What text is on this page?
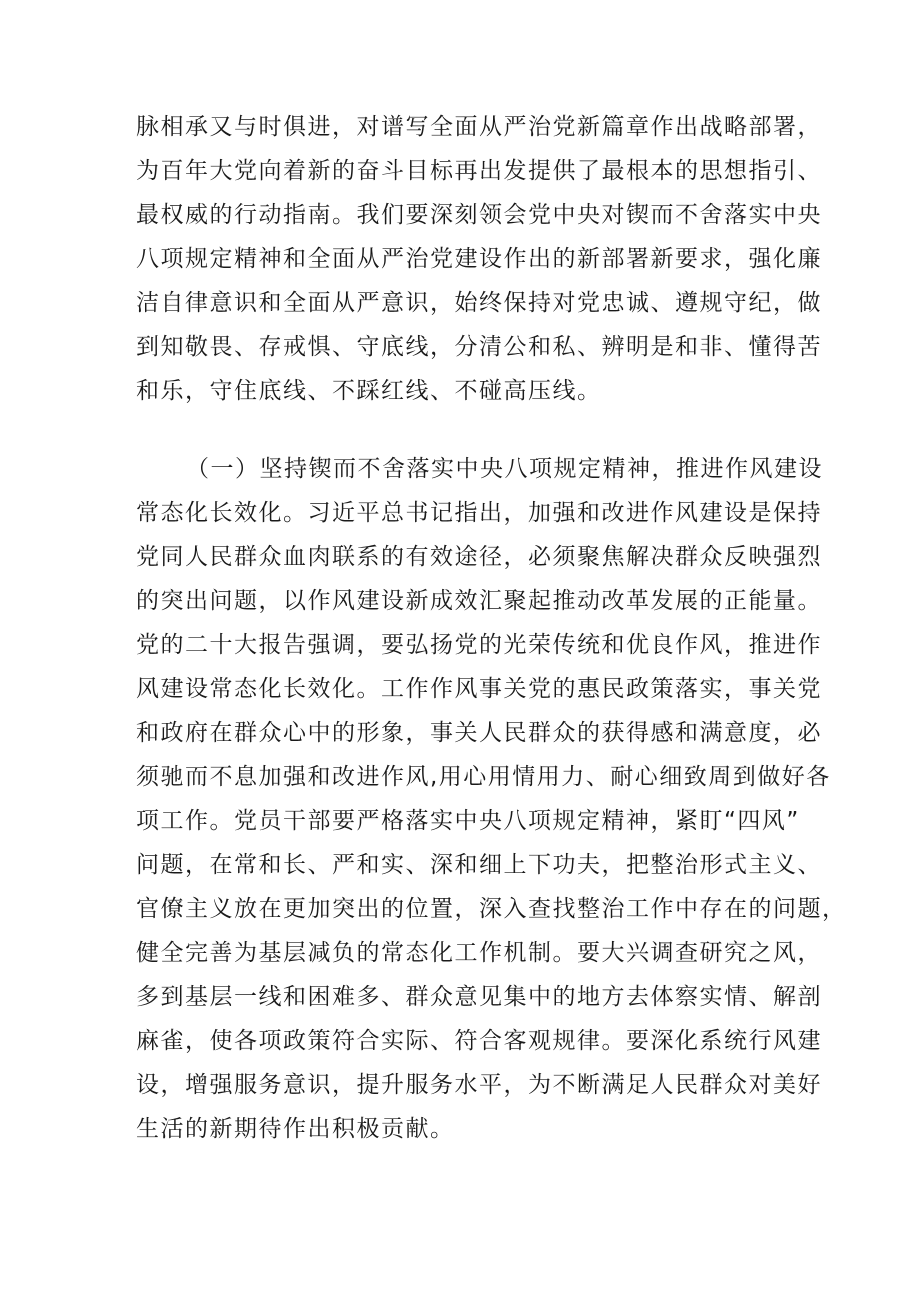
脉相承又与时俱进，对谱写全面从严治党新篇章作出战略部署，
为百年大党向着新的奋斗目标再出发提供了最根本的思想指引、
最权威的行动指南。我们要深刻领会党中央对锲而不舍落实中央
八项规定精神和全面从严治党建设作出的新部署新要求，强化廉
洁自律意识和全面从严意识，始终保持对党忠诚、遵规守纪，做
到知敬畏、存戒惧、守底线，分清公和私、辨明是和非、懂得苦
和乐，守住底线、不踩红线、不碰高压线。
（一）坚持锲而不舍落实中央八项规定精神，推进作风建设
常态化长效化。习近平总书记指出，加强和改进作风建设是保持
党同人民群众血肉联系的有效途径，必须聚焦解决群众反映强烈
的突出问题，以作风建设新成效汇聚起推动改革发展的正能量。
党的二十大报告强调，要弘扬党的光荣传统和优良作风，推进作
风建设常态化长效化。工作作风事关党的惠民政策落实，事关党
和政府在群众心中的形象，事关人民群众的获得感和满意度，必
须驰而不息加强和改进作风,用心用情用力、耐心细致周到做好各
项工作。党员干部要严格落实中央八项规定精神，紧盯“四风”
问题，在常和长、严和实、深和细上下功夫，把整治形式主义、
官僚主义放在更加突出的位置，深入查找整治工作中存在的问题，
健全完善为基层减负的常态化工作机制。要大兴调查研究之风，
多到基层一线和困难多、群众意见集中的地方去体察实情、解剖
麻雀，使各项政策符合实际、符合客观规律。要深化系统行风建
设，增强服务意识，提升服务水平，为不断满足人民群众对美好
生活的新期待作出积极贡献。
